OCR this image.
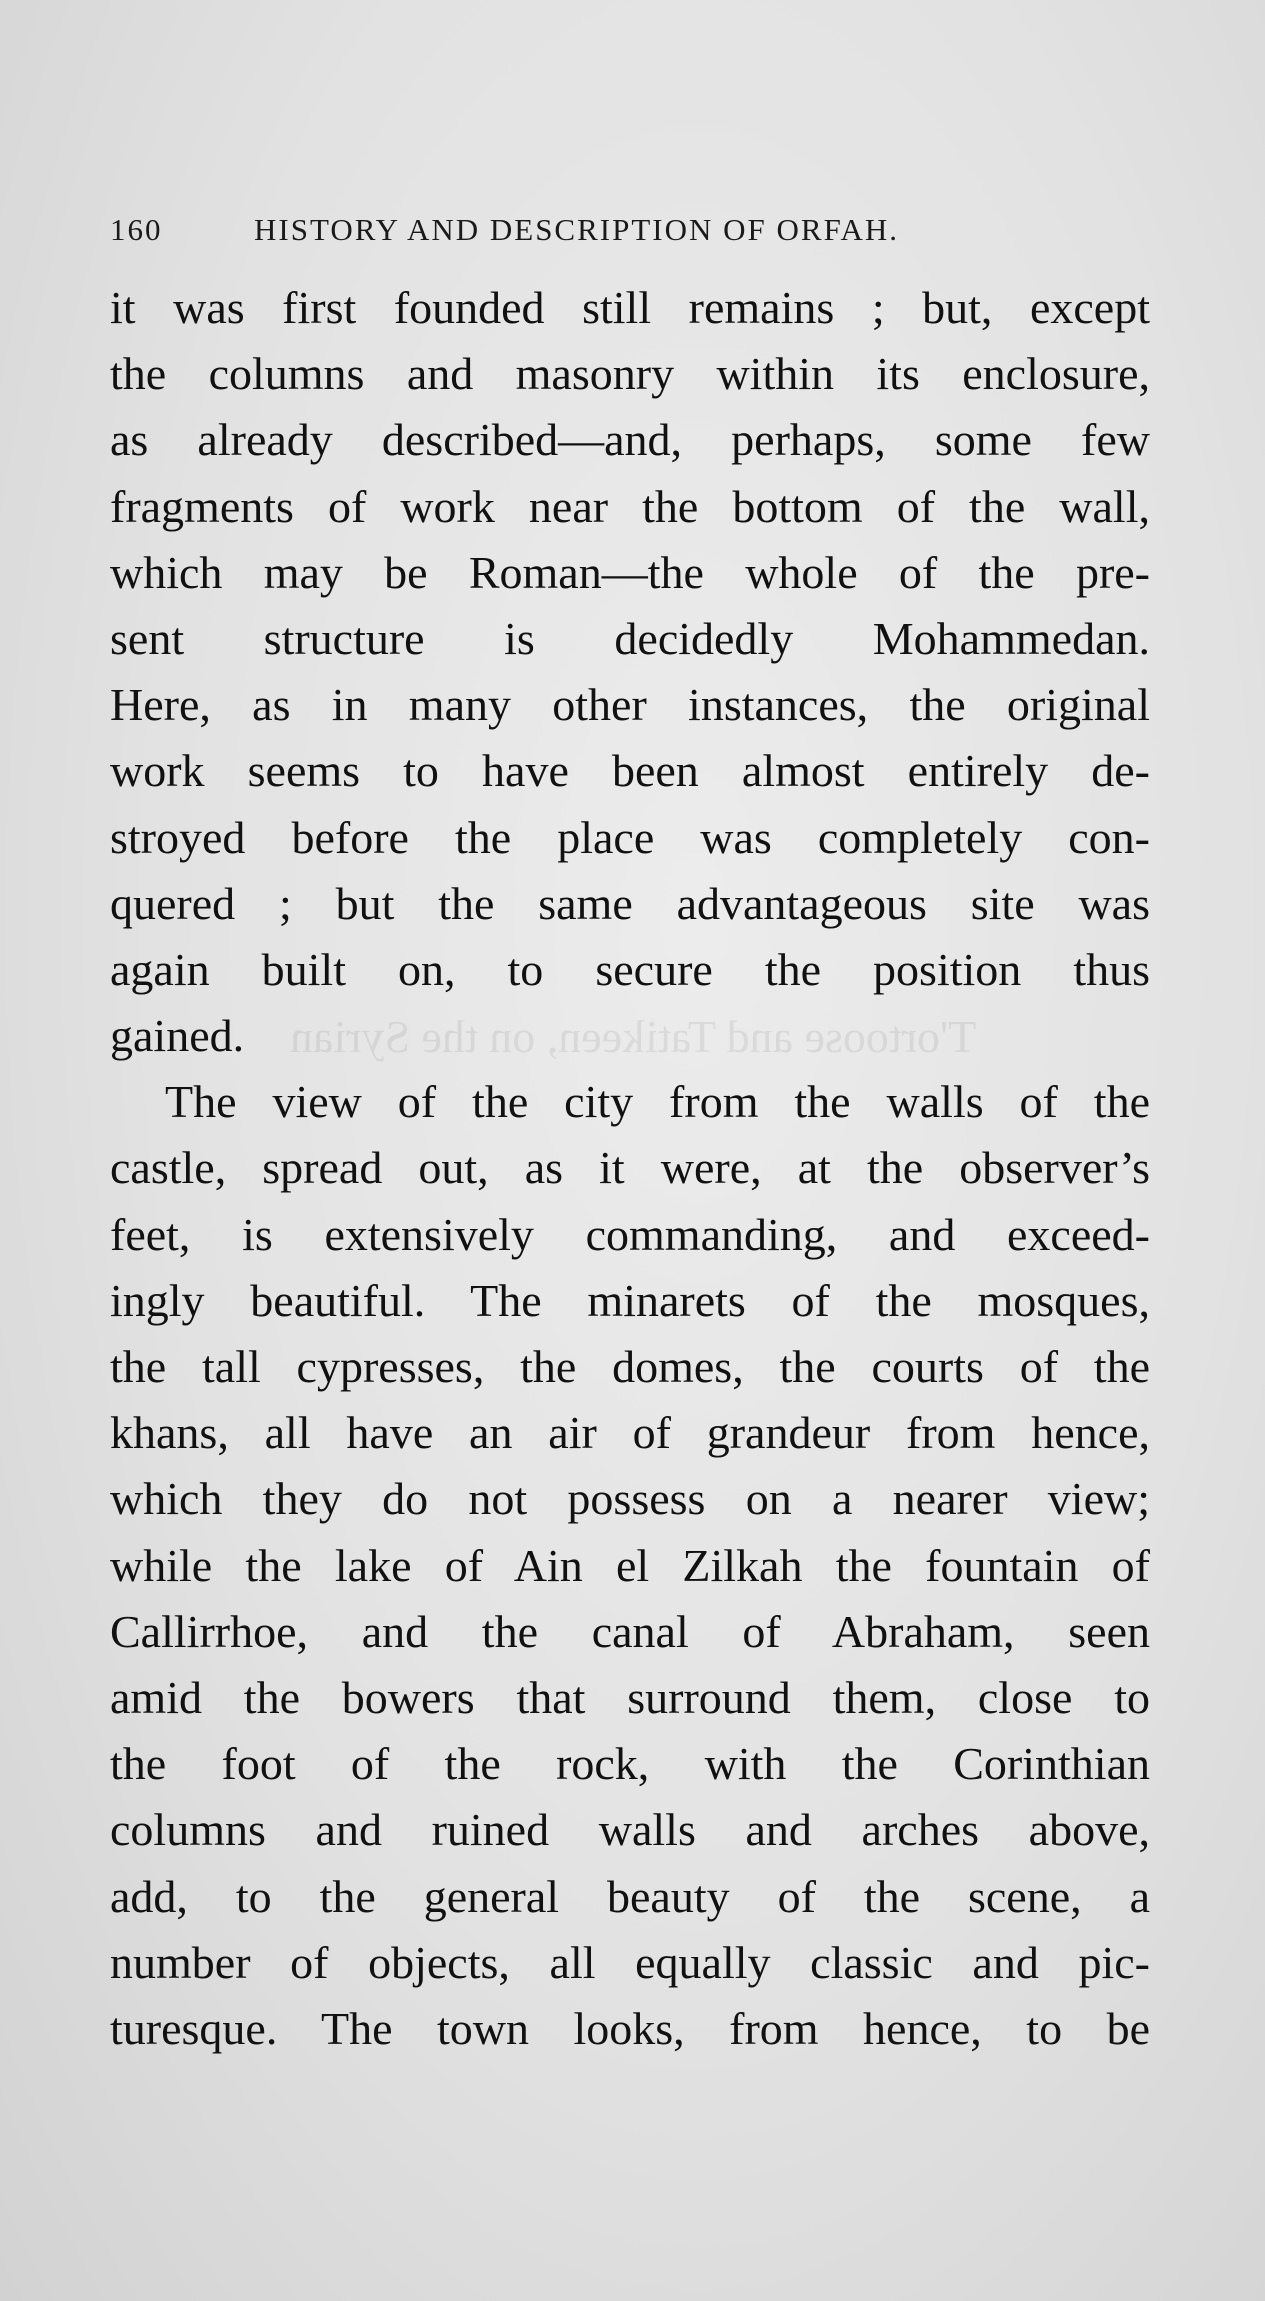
T'ortoose and Tatikeen, on the Syrian
160	HISTORY AND DESCRIPTION OF ORFAH.
it was first founded still remains ; but, except
the columns and masonry within its enclosure,
as already described—and, perhaps, some few
fragments of work near the bottom of the wall,
which may be Roman—the whole of the pre-
sent structure is decidedly Mohammedan.
Here, as in many other instances, the original
work seems to have been almost entirely de-
stroyed before the place was completely con-
quered ; but the same advantageous site was
again built on, to secure the position thus
gained.
The view of the city from the walls of the
castle, spread out, as it were, at the observer’s
feet, is extensively commanding, and exceed-
ingly beautiful. The minarets of the mosques,
the tall cypresses, the domes, the courts of the
khans, all have an air of grandeur from hence,
which they do not possess on a nearer view;
while the lake of Ain el Zilkah the fountain of
Callirrhoe, and the canal of Abraham, seen
amid the bowers that surround them, close to
the foot of the rock, with the Corinthian
columns and ruined walls and arches above,
add, to the general beauty of the scene, a
number of objects, all equally classic and pic-
turesque. The town looks, from hence, to be
